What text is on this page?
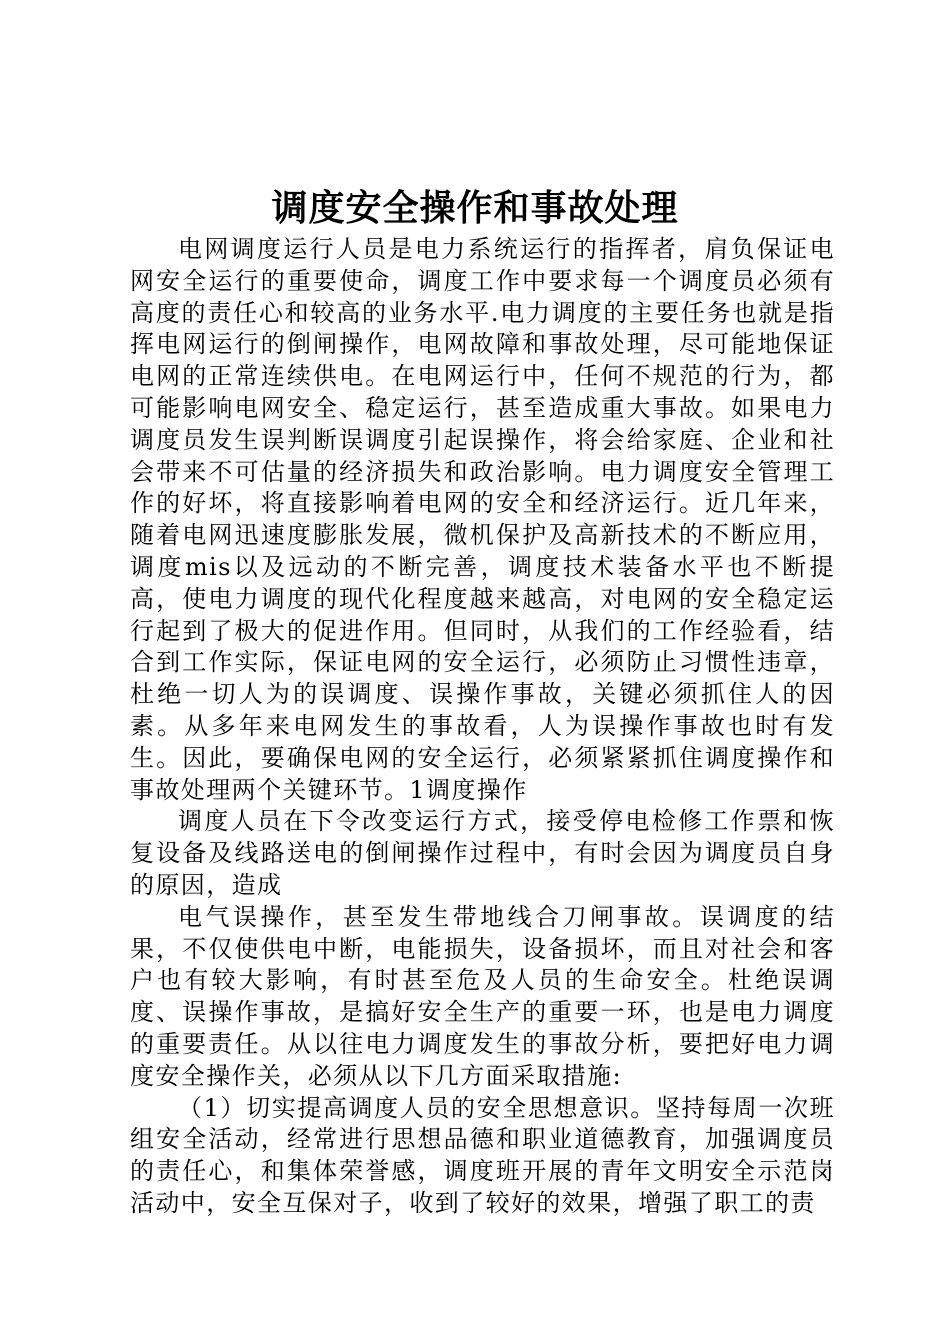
调度安全操作和事故处理

电网调度运行人员是电力系统运行的指挥者，肩负保证电网安全运行的重要使命，调度工作中要求每一个调度员必须有高度的责任心和较高的业务水平.电力调度的主要任务也就是指挥电网运行的倒闸操作，电网故障和事故处理，尽可能地保证电网的正常连续供电。在电网运行中，任何不规范的行为，都可能影响电网安全、稳定运行，甚至造成重大事故。如果电力调度员发生误判断误调度引起误操作，将会给家庭、企业和社会带来不可估量的经济损失和政治影响。电力调度安全管理工作的好坏，将直接影响着电网的安全和经济运行。近几年来，随着电网迅速度膨胀发展，微机保护及高新技术的不断应用，调度mis以及远动的不断完善，调度技术装备水平也不断提高，使电力调度的现代化程度越来越高，对电网的安全稳定运行起到了极大的促进作用。但同时，从我们的工作经验看，结合到工作实际，保证电网的安全运行，必须防止习惯性违章，杜绝一切人为的误调度、误操作事故，关键必须抓住人的因素。从多年来电网发生的事故看，人为误操作事故也时有发生。因此，要确保电网的安全运行，必须紧紧抓住调度操作和事故处理两个关键环节。1调度操作

调度人员在下令改变运行方式，接受停电检修工作票和恢复设备及线路送电的倒闸操作过程中，有时会因为调度员自身的原因，造成

电气误操作，甚至发生带地线合刀闸事故。误调度的结果，不仅使供电中断，电能损失，设备损坏，而且对社会和客户也有较大影响，有时甚至危及人员的生命安全。杜绝误调度、误操作事故，是搞好安全生产的重要一环，也是电力调度的重要责任。从以往电力调度发生的事故分析，要把好电力调度安全操作关，必须从以下几方面采取措施:

（1）切实提高调度人员的安全思想意识。坚持每周一次班组安全活动，经常进行思想品德和职业道德教育，加强调度员的责任心，和集体荣誉感，调度班开展的青年文明安全示范岗活动中，安全互保对子，收到了较好的效果，增强了职工的责
